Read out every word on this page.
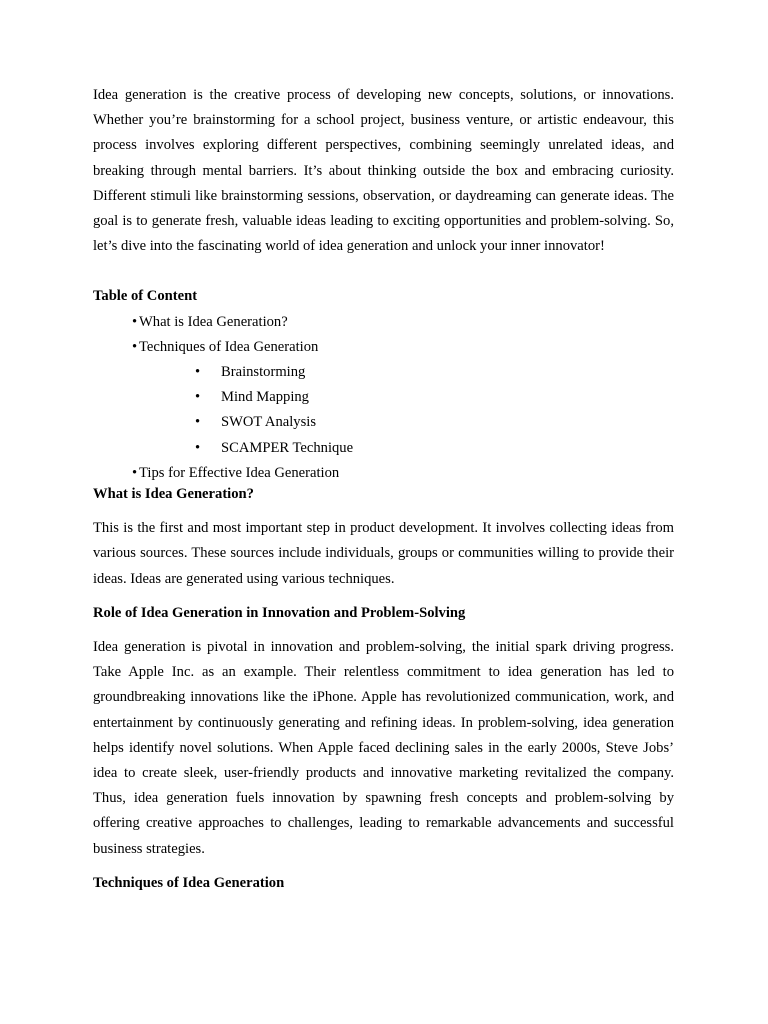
Idea generation is the creative process of developing new concepts, solutions, or innovations. Whether you’re brainstorming for a school project, business venture, or artistic endeavour, this process involves exploring different perspectives, combining seemingly unrelated ideas, and breaking through mental barriers. It’s about thinking outside the box and embracing curiosity. Different stimuli like brainstorming sessions, observation, or daydreaming can generate ideas. The goal is to generate fresh, valuable ideas leading to exciting opportunities and problem-solving. So, let’s dive into the fascinating world of idea generation and unlock your inner innovator!

Table of Content

• What is Idea Generation?
• Techniques of Idea Generation
•	Brainstorming
•	Mind Mapping
•	SWOT Analysis
•	SCAMPER Technique
• Tips for Effective Idea Generation

What is Idea Generation?

This is the first and most important step in product development. It involves collecting ideas from various sources. These sources include individuals, groups or communities willing to provide their ideas. Ideas are generated using various techniques.

Role of Idea Generation in Innovation and Problem-Solving

Idea generation is pivotal in innovation and problem-solving, the initial spark driving progress. Take Apple Inc. as an example. Their relentless commitment to idea generation has led to groundbreaking innovations like the iPhone. Apple has revolutionized communication, work, and entertainment by continuously generating and refining ideas. In problem-solving, idea generation helps identify novel solutions. When Apple faced declining sales in the early 2000s, Steve Jobs’ idea to create sleek, user-friendly products and innovative marketing revitalized the company. Thus, idea generation fuels innovation by spawning fresh concepts and problem-solving by offering creative approaches to challenges, leading to remarkable advancements and successful business strategies.

Techniques of Idea Generation
